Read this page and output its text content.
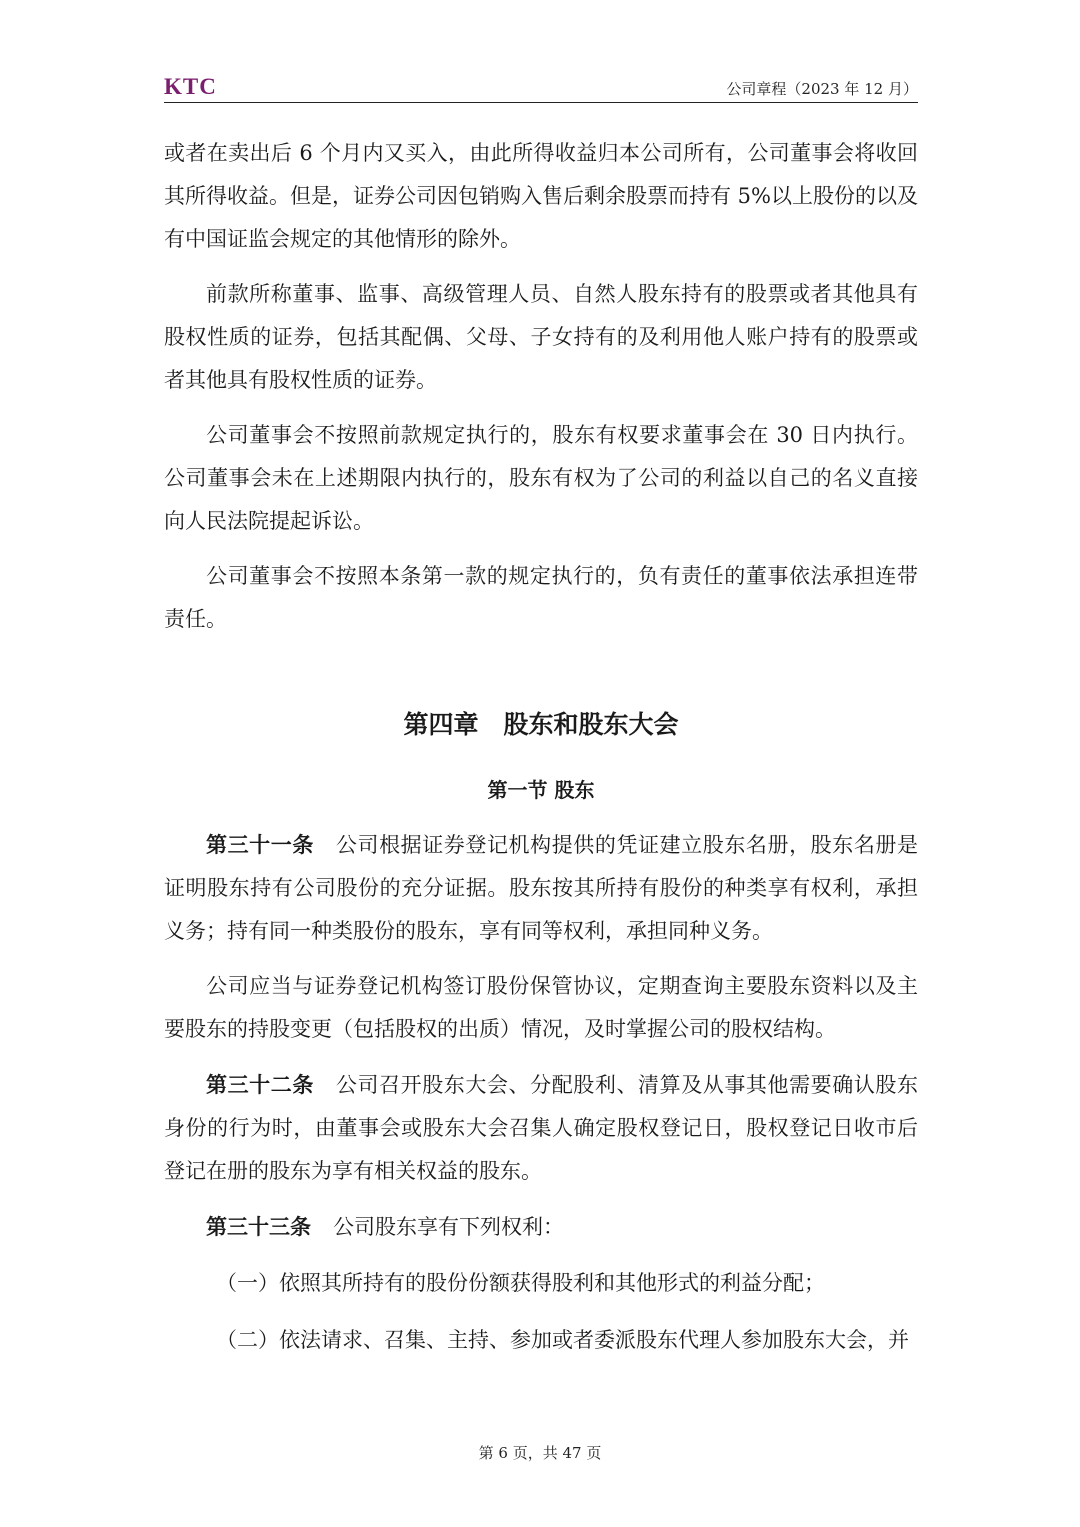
KTC	公司章程（2023 年 12 月）

或者在卖出后 6 个月内又买入，由此所得收益归本公司所有，公司董事会将收回其所得收益。但是，证券公司因包销购入售后剩余股票而持有 5%以上股份的以及有中国证监会规定的其他情形的除外。

前款所称董事、监事、高级管理人员、自然人股东持有的股票或者其他具有股权性质的证券，包括其配偶、父母、子女持有的及利用他人账户持有的股票或者其他具有股权性质的证券。

公司董事会不按照前款规定执行的，股东有权要求董事会在 30 日内执行。公司董事会未在上述期限内执行的，股东有权为了公司的利益以自己的名义直接向人民法院提起诉讼。

公司董事会不按照本条第一款的规定执行的，负有责任的董事依法承担连带责任。

第四章　股东和股东大会
第一节 股东

第三十一条 公司根据证券登记机构提供的凭证建立股东名册，股东名册是证明股东持有公司股份的充分证据。股东按其所持有股份的种类享有权利，承担义务；持有同一种类股份的股东，享有同等权利，承担同种义务。

公司应当与证券登记机构签订股份保管协议，定期查询主要股东资料以及主要股东的持股变更（包括股权的出质）情况，及时掌握公司的股权结构。

第三十二条 公司召开股东大会、分配股利、清算及从事其他需要确认股东身份的行为时，由董事会或股东大会召集人确定股权登记日，股权登记日收市后登记在册的股东为享有相关权益的股东。

第三十三条 公司股东享有下列权利：

（一）依照其所持有的股份份额获得股利和其他形式的利益分配；

（二）依法请求、召集、主持、参加或者委派股东代理人参加股东大会，并

第 6 页，共 47 页
